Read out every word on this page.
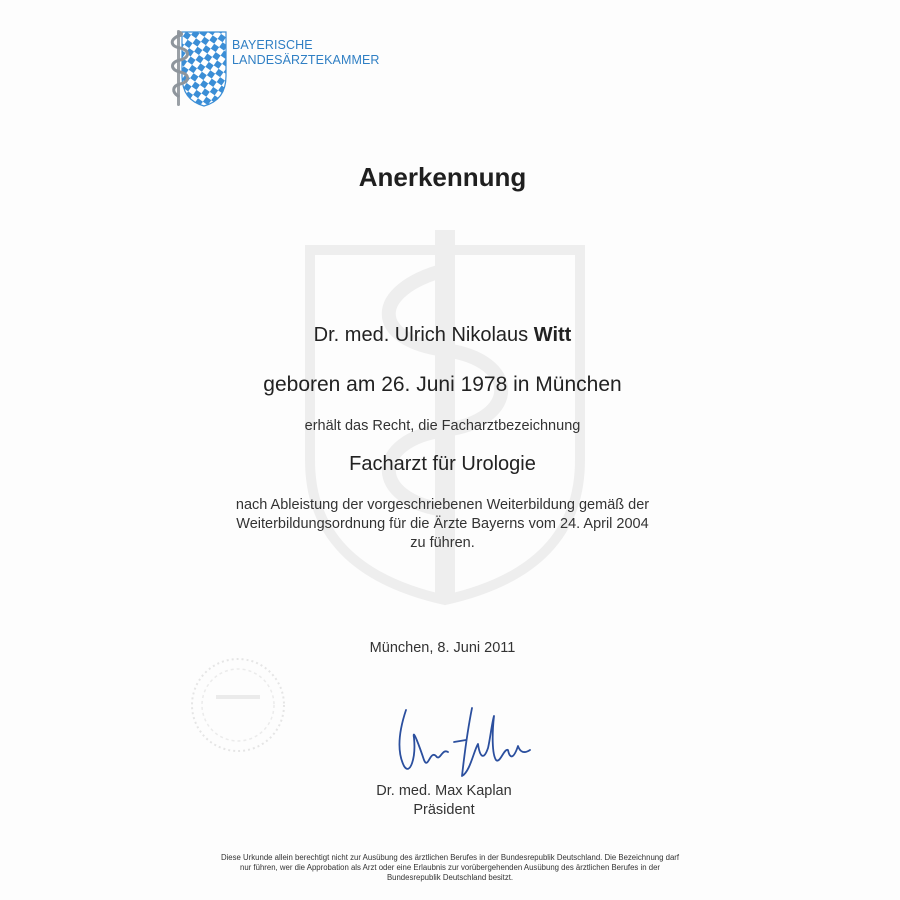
BAYERISCHE
LANDESÄRZTEKAMMER
Anerkennung
Dr. med. Ulrich Nikolaus Witt
geboren am 26. Juni 1978 in München
erhält das Recht, die Facharztbezeichnung
Facharzt für Urologie
nach Ableistung der vorgeschriebenen Weiterbildung gemäß der
Weiterbildungsordnung für die Ärzte Bayerns vom 24. April 2004
zu führen.
München, 8. Juni 2011
Dr. med. Max Kaplan
Präsident
Diese Urkunde allein berechtigt nicht zur Ausübung des ärztlichen Berufes in der Bundesrepublik Deutschland. Die Bezeichnung darf
nur führen, wer die Approbation als Arzt oder eine Erlaubnis zur vorübergehenden Ausübung des ärztlichen Berufes in der
Bundesrepublik Deutschland besitzt.
